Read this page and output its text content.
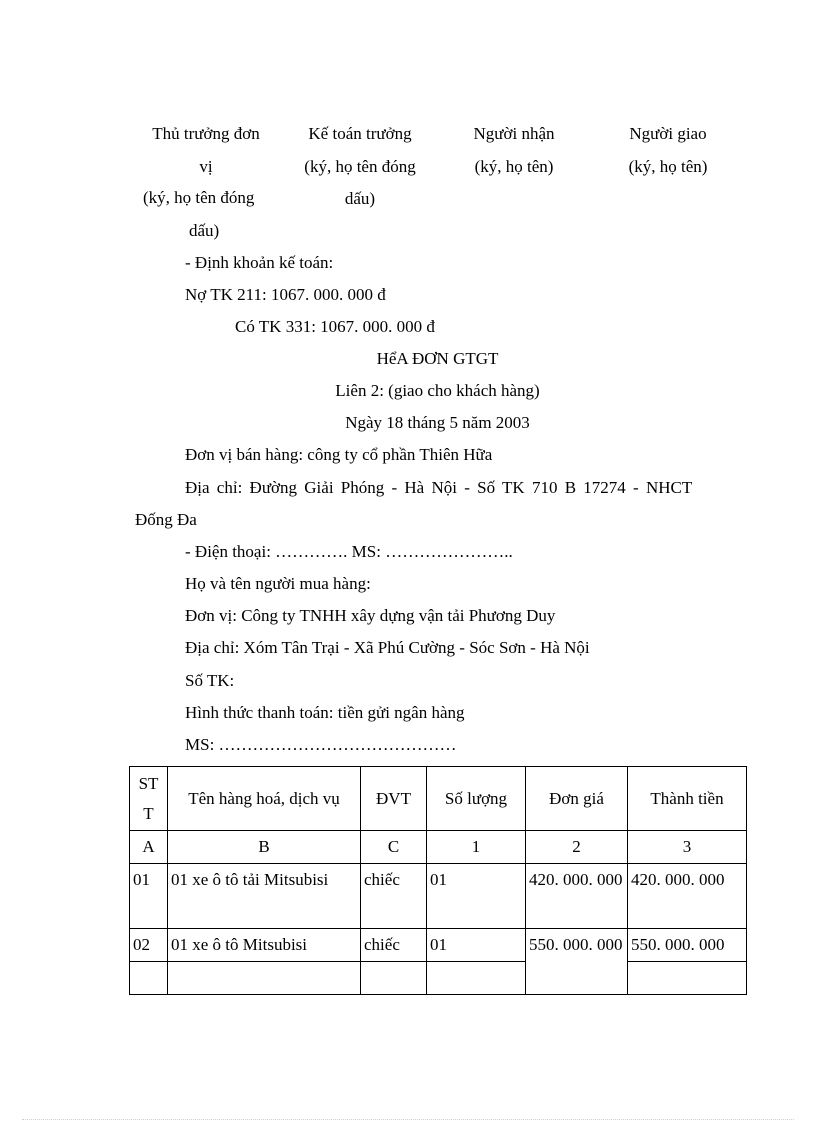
Thủ trưởng đơn
vị
(ký, họ tên đóng
dấu)
Kế toán trưởng
(ký, họ tên đóng
dấu)
Người nhận
(ký, họ tên)
Người giao
(ký, họ tên)
- Định khoản kế toán:
Nợ TK 211: 1067. 000. 000 đ
Có TK 331: 1067. 000. 000 đ
HểA ĐƠN GTGT
Liên 2: (giao cho khách hàng)
Ngày 18 tháng 5 năm 2003
Đơn vị bán hàng: công ty cổ phần Thiên Hữa
Địa chỉ: Đường Giải Phóng - Hà Nội - Số TK 710 B 17274 - NHCT
Đống Đa
- Điện thoại: …………. MS: …………………..
Họ và tên người mua hàng:
Đơn vị: Công ty TNHH xây dựng vận tải Phương Duy
Địa chỉ: Xóm Tân Trại - Xã Phú Cường - Sóc Sơn - Hà Nội
Số TK:
Hình thức thanh toán: tiền gửi ngân hàng
MS: ……………………………………
ST T	Tên hàng hoá, dịch vụ	ĐVT	Số lượng	Đơn giá	Thành tiền
A	B	C	1	2	3
01	01 xe ô tô tải Mitsubisi	chiếc	01	420. 000. 000	420. 000. 000
02	01 xe ô tô Mitsubisi	chiếc	01	550. 000. 000	550. 000. 000
